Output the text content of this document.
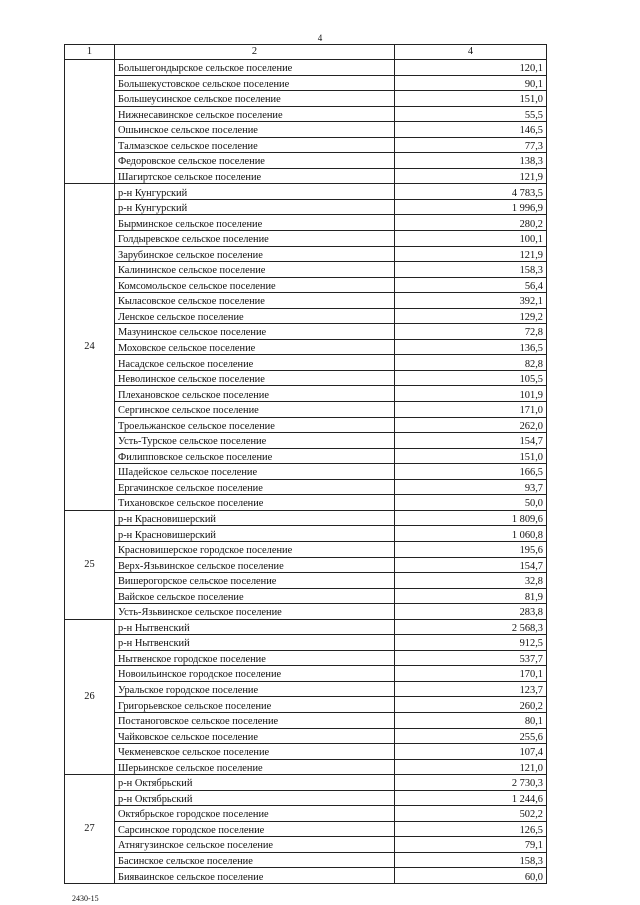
4
1	2	4
	Большегондырское сельское поселение	120,1
	Большекустовское сельское поселение	90,1
	Большеусинское сельское поселение	151,0
	Нижнесавинское сельское поселение	55,5
	Ошьинское сельское поселение	146,5
	Талмазское сельское поселение	77,3
	Федоровское сельское поселение	138,3
	Шагиртское сельское поселение	121,9
24	р-н Кунгурский	4 783,5
	р-н Кунгурский	1 996,9
	Бырминское сельское поселение	280,2
	Голдыревское сельское поселение	100,1
	Зарубинское сельское поселение	121,9
	Калининское сельское поселение	158,3
	Комсомольское сельское поселение	56,4
	Кыласовское сельское поселение	392,1
	Ленское сельское поселение	129,2
	Мазунинское сельское поселение	72,8
	Моховское сельское поселение	136,5
	Насадское сельское поселение	82,8
	Неволинское сельское поселение	105,5
	Плехановское сельское поселение	101,9
	Сергинское сельское поселение	171,0
	Троельжанское сельское поселение	262,0
	Усть-Турское сельское поселение	154,7
	Филипповское сельское поселение	151,0
	Шадейское сельское поселение	166,5
	Ергачинское сельское поселение	93,7
	Тихановское сельское поселение	50,0
25	р-н Красновишерский	1 809,6
	р-н Красновишерский	1 060,8
	Красновишерское городское поселение	195,6
	Верх-Язьвинское сельское поселение	154,7
	Вишерогорское сельское поселение	32,8
	Вайское сельское поселение	81,9
	Усть-Язьвинское сельское поселение	283,8
26	р-н Нытвенский	2 568,3
	р-н Нытвенский	912,5
	Нытвенское городское поселение	537,7
	Новоильинское городское поселение	170,1
	Уральское городское поселение	123,7
	Григорьевское сельское поселение	260,2
	Постаноговское сельское поселение	80,1
	Чайковское сельское поселение	255,6
	Чекменевское сельское поселение	107,4
	Шерьинское сельское поселение	121,0
27	р-н Октябрьский	2 730,3
	р-н Октябрьский	1 244,6
	Октябрьское городское поселение	502,2
	Сарсинское городское поселение	126,5
	Атнягузинское сельское поселение	79,1
	Басинское сельское поселение	158,3
	Бияваинское сельское поселение	60,0
2430-15
